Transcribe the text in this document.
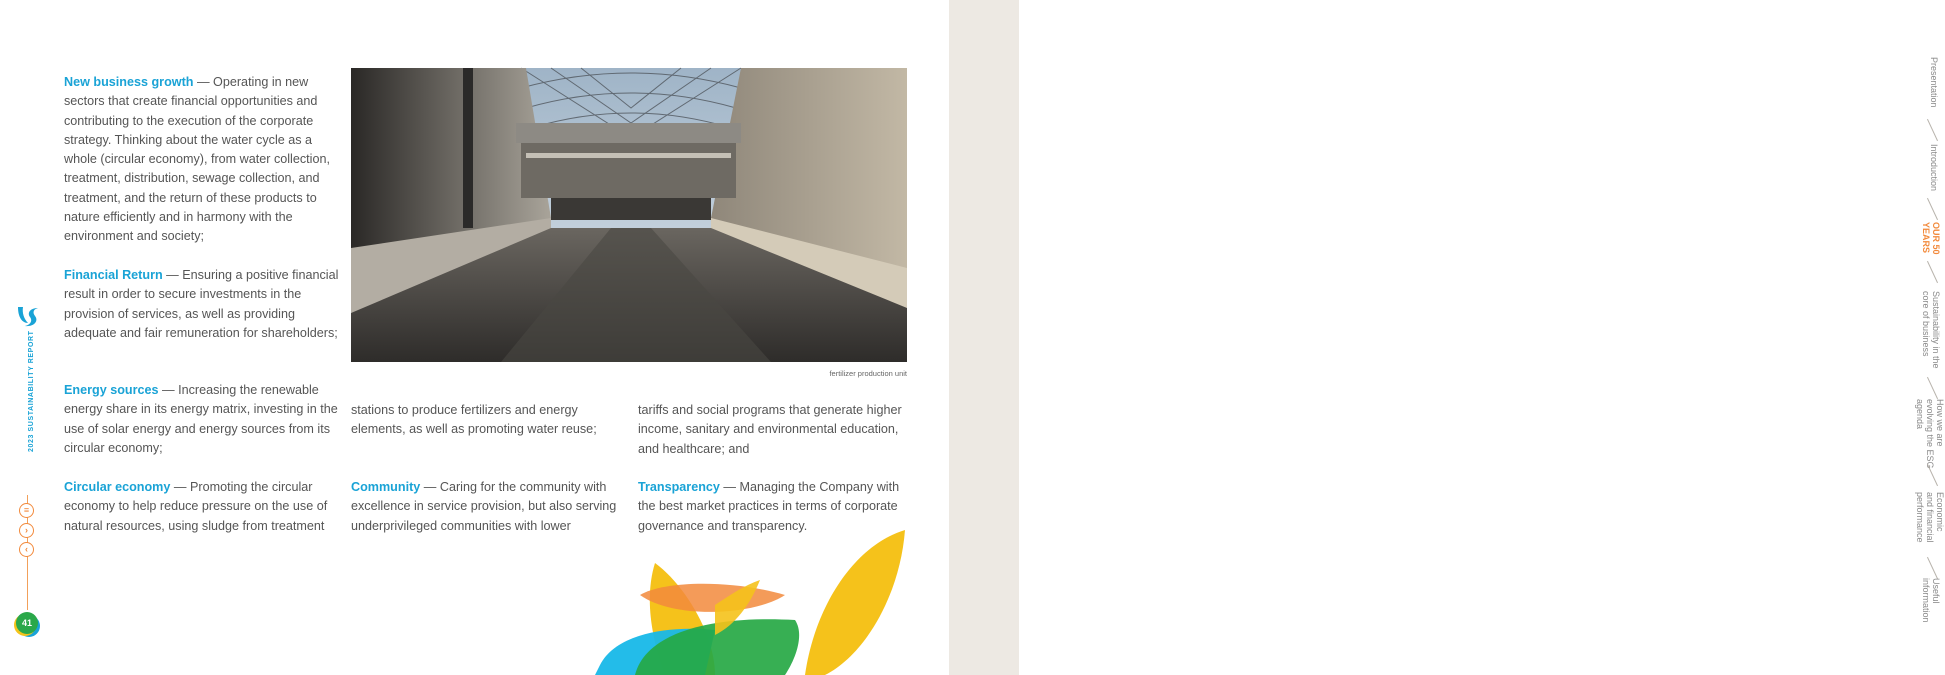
2023 SUSTAINABILITY REPORT
≡
›
‹
41
New business growth — Operating in new sectors that create financial opportunities and contributing to the execution of the corporate strategy. Thinking about the water cycle as a whole (circular economy), from water collection, treatment, distribution, sewage collection, and treatment, and the return of these products to nature efficiently and in harmony with the environment and society;
Financial Return — Ensuring a positive financial result in order to secure investments in the provision of services, as well as providing adequate and fair remuneration for shareholders;
Energy sources — Increasing the renewable energy share in its energy matrix, investing in the use of solar energy and energy sources from its circular economy;
Circular economy — Promoting the circular economy to help reduce pressure on the use of natural resources, using sludge from treatment
fertilizer production unit
stations to produce fertilizers and energy elements, as well as promoting water reuse;
Community — Caring for the community with excellence in service provision, but also serving underprivileged communities with lower
tariffs and social programs that generate higher income, sanitary and environmental education, and healthcare; and
Transparency — Managing the Company with the best market practices in terms of corporate governance and transparency.
Presentation
Introduction
OUR 50
YEARS
Sustainability in the
core of business
How we are
evolving the ESG
agenda
Economic
and financial
performance
Useful
information
